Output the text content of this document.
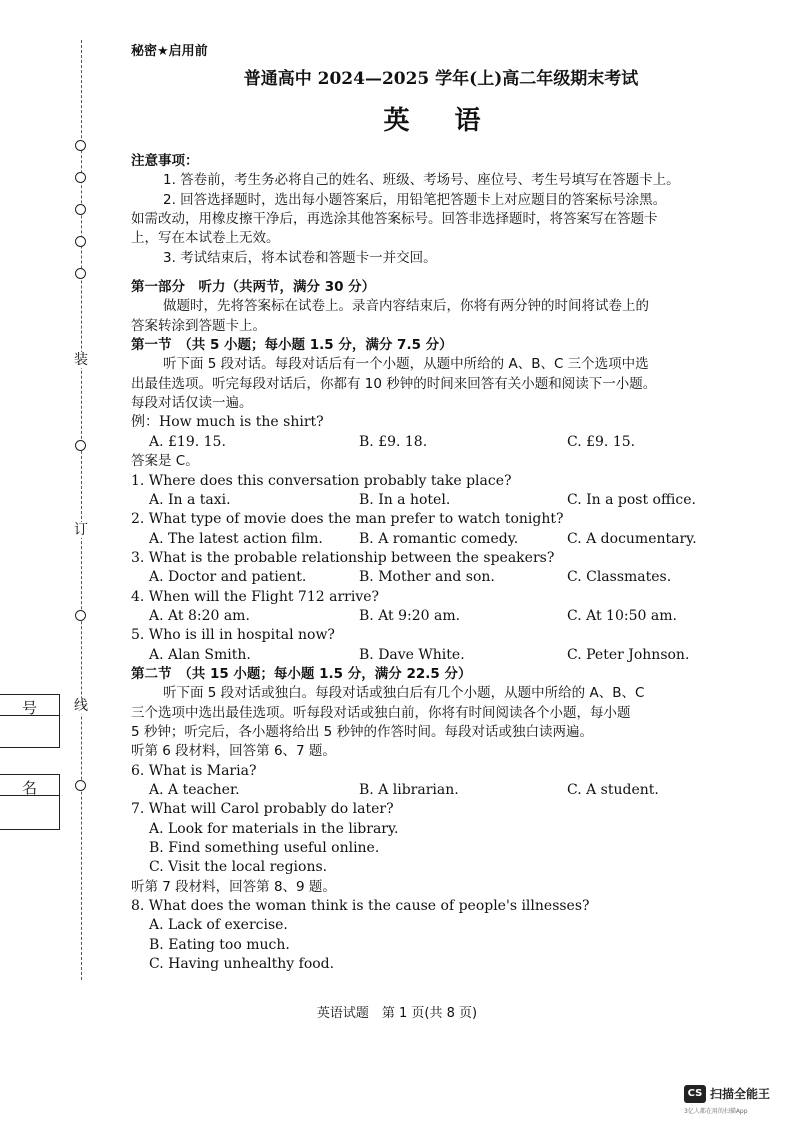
装
订
线
号
名
秘密★启用前
普通高中 2024—2025 学年(上)高二年级期末考试
英 语
注意事项：
1. 答卷前，考生务必将自己的姓名、班级、考场号、座位号、考生号填写在答题卡上。
2. 回答选择题时，选出每小题答案后，用铅笔把答题卡上对应题目的答案标号涂黑。
如需改动，用橡皮擦干净后，再选涂其他答案标号。回答非选择题时，将答案写在答题卡
上，写在本试卷上无效。
3. 考试结束后，将本试卷和答题卡一并交回。
第一部分　听力（共两节，满分 30 分）
做题时，先将答案标在试卷上。录音内容结束后，你将有两分钟的时间将试卷上的
答案转涂到答题卡上。
第一节　（共 5 小题；每小题 1.5 分，满分 7.5 分）
听下面 5 段对话。每段对话后有一个小题，从题中所给的 A、B、C 三个选项中选
出最佳选项。听完每段对话后，你都有 10 秒钟的时间来回答有关小题和阅读下一小题。
每段对话仅读一遍。
例：How much is the shirt?
A. £19. 15.	B. £9. 18.	C. £9. 15.
答案是 C。
1. Where does this conversation probably take place?
A. In a taxi.	B. In a hotel.	C. In a post office.
2. What type of movie does the man prefer to watch tonight?
A. The latest action film.	B. A romantic comedy.	C. A documentary.
3. What is the probable relationship between the speakers?
A. Doctor and patient.	B. Mother and son.	C. Classmates.
4. When will the Flight 712 arrive?
A. At 8:20 am.	B. At 9:20 am.	C. At 10:50 am.
5. Who is ill in hospital now?
A. Alan Smith.	B. Dave White.	C. Peter Johnson.
第二节　（共 15 小题；每小题 1.5 分，满分 22.5 分）
听下面 5 段对话或独白。每段对话或独白后有几个小题，从题中所给的 A、B、C
三个选项中选出最佳选项。听每段对话或独白前，你将有时间阅读各个小题，每小题
5 秒钟；听完后，各小题将给出 5 秒钟的作答时间。每段对话或独白读两遍。
听第 6 段材料，回答第 6、7 题。
6. What is Maria?
A. A teacher.	B. A librarian.	C. A student.
7. What will Carol probably do later?
A. Look for materials in the library.
B. Find something useful online.
C. Visit the local regions.
听第 7 段材料，回答第 8、9 题。
8. What does the woman think is the cause of people's illnesses?
A. Lack of exercise.
B. Eating too much.
C. Having unhealthy food.
英语试题　第 1 页(共 8 页)
CS 扫描全能王
3亿人都在用的扫描App
